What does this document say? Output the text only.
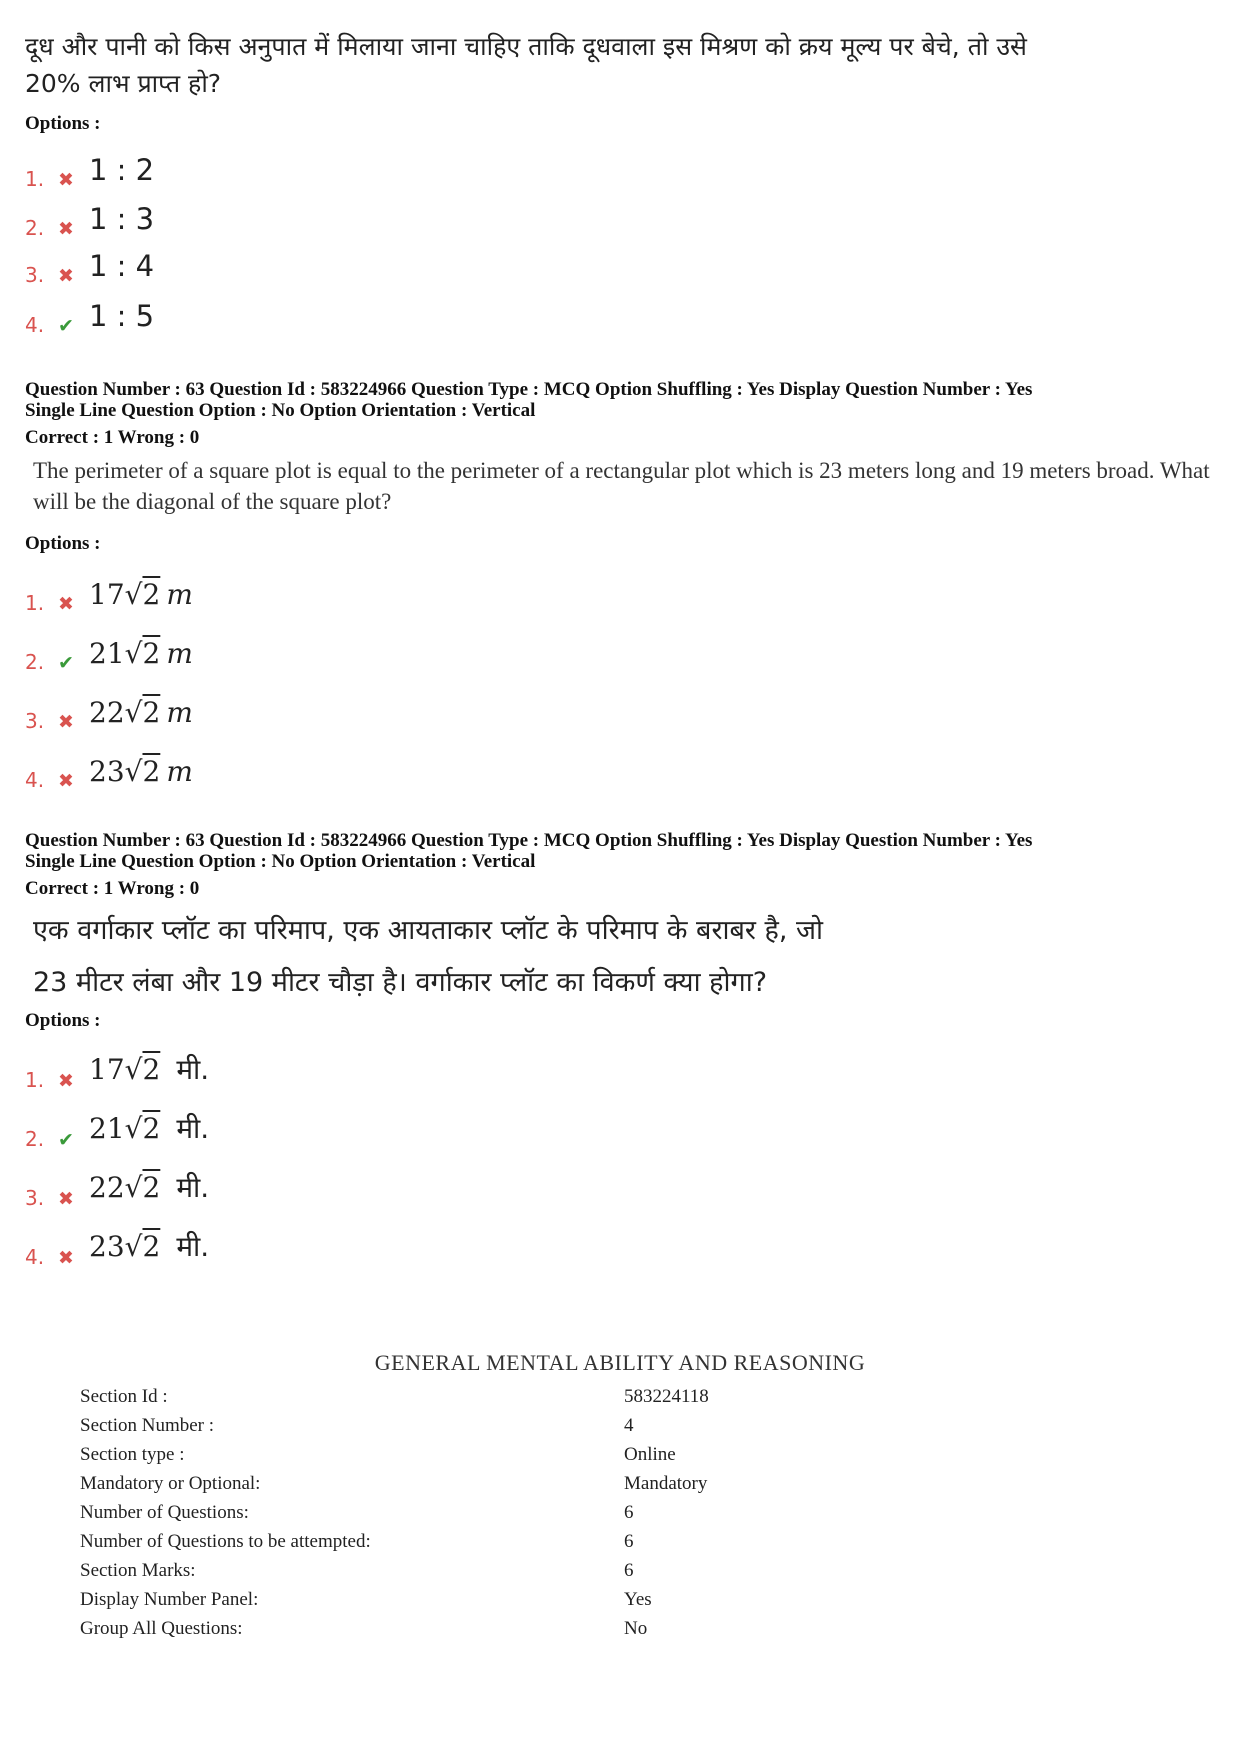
दूध और पानी को किस अनुपात में मिलाया जाना चाहिए ताकि दूधवाला इस मिश्रण को क्रय मूल्य पर बेचे, तो उसे
20% लाभ प्राप्त हो?
Options :
1. ✖ 1 : 2
2. ✖ 1 : 3
3. ✖ 1 : 4
4. ✔ 1 : 5
Question Number : 63 Question Id : 583224966 Question Type : MCQ Option Shuffling : Yes Display Question Number : Yes
Single Line Question Option : No Option Orientation : Vertical
Correct : 1 Wrong : 0
The perimeter of a square plot is equal to the perimeter of a rectangular plot which is 23 meters long and 19 meters broad. What will be the diagonal of the square plot?
Options :
1. ✖ 17√2 m
2. ✔ 21√2 m
3. ✖ 22√2 m
4. ✖ 23√2 m
Question Number : 63 Question Id : 583224966 Question Type : MCQ Option Shuffling : Yes Display Question Number : Yes
Single Line Question Option : No Option Orientation : Vertical
Correct : 1 Wrong : 0
एक वर्गाकार प्लॉट का परिमाप, एक आयताकार प्लॉट के परिमाप के बराबर है, जो
23 मीटर लंबा और 19 मीटर चौड़ा है। वर्गाकार प्लॉट का विकर्ण क्या होगा?
Options :
1. ✖ 17√2 मी.
2. ✔ 21√2 मी.
3. ✖ 22√2 मी.
4. ✖ 23√2 मी.
GENERAL MENTAL ABILITY AND REASONING
Section Id :	583224118
Section Number :	4
Section type :	Online
Mandatory or Optional:	Mandatory
Number of Questions:	6
Number of Questions to be attempted:	6
Section Marks:	6
Display Number Panel:	Yes
Group All Questions:	No
